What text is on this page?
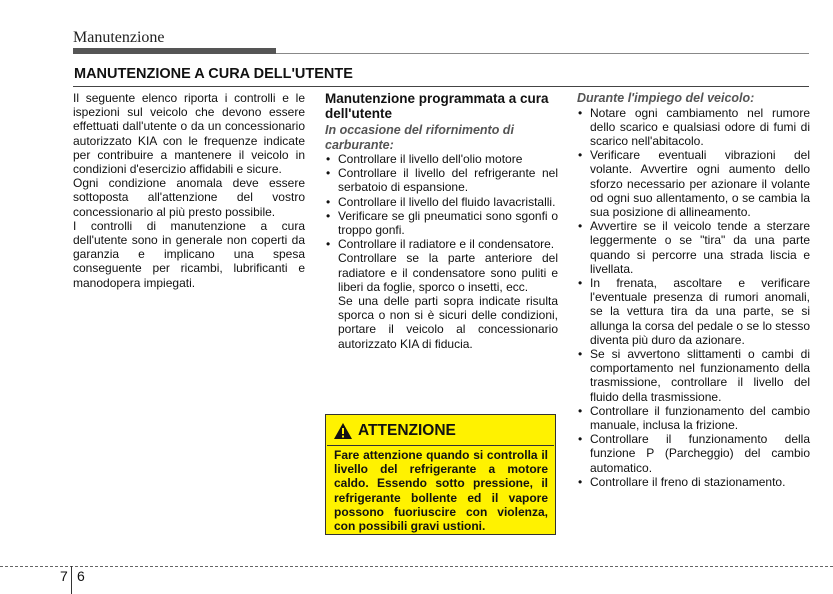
Manutenzione
MANUTENZIONE A CURA DELL'UTENTE

Il seguente elenco riporta i controlli e le ispezioni sul veicolo che devono essere effettuati dall'utente o da un concessionario autorizzato KIA con le frequenze indicate per contribuire a mantenere il veicolo in condizioni d'esercizio affidabili e sicure.

Ogni condizione anomala deve essere sottoposta all'attenzione del vostro concessionario al più presto possibile.

I controlli di manutenzione a cura dell'utente sono in generale non coperti da garanzia e implicano una spesa conseguente per ricambi, lubrificanti e manodopera impiegati.

Manutenzione programmata a cura dell'utente

In occasione del rifornimento di carburante:

• Controllare il livello dell'olio motore
• Controllare il livello del refrigerante nel serbatoio di espansione.
• Controllare il livello del fluido lavacristalli.
• Verificare se gli pneumatici sono sgonfi o troppo gonfi.
• Controllare il radiatore e il condensatore.

Controllare se la parte anteriore del radiatore e il condensatore sono puliti e liberi da foglie, sporco o insetti, ecc.

Se una delle parti sopra indicate risulta sporca o non si è sicuri delle condizioni, portare il veicolo al concessionario autorizzato KIA di fiducia.

ATTENZIONE
Fare attenzione quando si controlla il livello del refrigerante a motore caldo. Essendo sotto pressione, il refrigerante bollente ed il vapore possono fuoriuscire con violenza, con possibili gravi ustioni.

Durante l'impiego del veicolo:

• Notare ogni cambiamento nel rumore dello scarico e qualsiasi odore di fumi di scarico nell'abitacolo.
• Verificare eventuali vibrazioni del volante. Avvertire ogni aumento dello sforzo necessario per azionare il volante od ogni suo allentamento, o se cambia la sua posizione di allineamento.
• Avvertire se il veicolo tende a sterzare leggermente o se "tira" da una parte quando si percorre una strada liscia e livellata.
• In frenata, ascoltare e verificare l'eventuale presenza di rumori anomali, se la vettura tira da una parte, se si allunga la corsa del pedale o se lo stesso diventa più duro da azionare.
• Se si avvertono slittamenti o cambi di comportamento nel funzionamento della trasmissione, controllare il livello del fluido della trasmissione.
• Controllare il funzionamento del cambio manuale, inclusa la frizione.
• Controllare il funzionamento della funzione P (Parcheggio) del cambio automatico.
• Controllare il freno di stazionamento.
7 6
